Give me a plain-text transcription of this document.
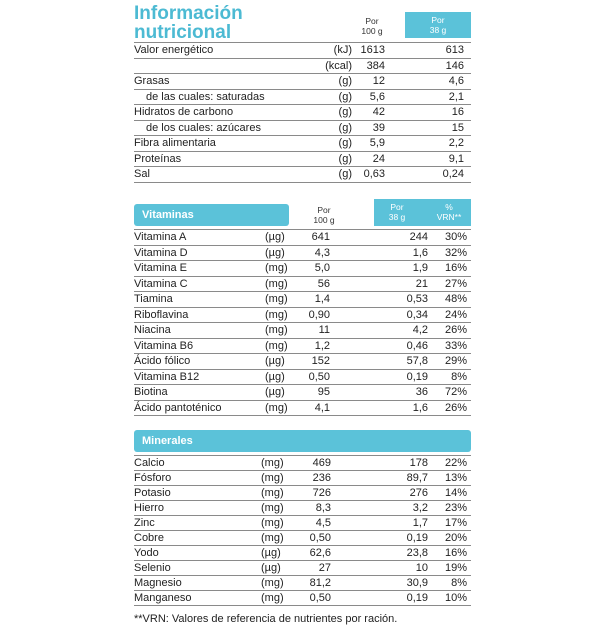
Información
nutricional
Por
100 g
Por
38 g
Valor energético	(kJ) 1613	613
(kcal)	384	146
Grasas	(g)	12	4,6
de las cuales: saturadas	(g)	5,6	2,1
Hidratos de carbono	(g)	42	16
de los cuales: azúcares	(g)	39	15
Fibra alimentaria	(g)	5,9	2,2
Proteínas	(g)	24	9,1
Sal	(g)	0,63	0,24
Vitaminas	Por
100 g
Por
38 g
%
VRN**
Vitamina A	(µg)	641	244	30%
Vitamina D	(µg)	4,3	1,6	32%
Vitamina E	(mg)	5,0	1,9	16%
Vitamina C	(mg)	56	21	27%
Tiamina	(mg)	1,4	0,53	48%
Riboflavina	(mg)	0,90	0,34	24%
Niacina	(mg)	11	4,2	26%
Vitamina B6	(mg)	1,2	0,46	33%
Ácido fólico	(µg)	152	57,8	29%
Vitamina B12	(µg)	0,50	0,19	8%
Biotina	(µg)	95	36	72%
Ácido pantoténico	(mg)	4,1	1,6	26%
Minerales
Calcio	(mg)	469	178	22%
Fósforo	(mg)	236	89,7	13%
Potasio	(mg)	726	276	14%
Hierro	(mg)	8,3	3,2	23%
Zinc	(mg)	4,5	1,7	17%
Cobre	(mg)	0,50	0,19	20%
Yodo	(µg)	62,6	23,8	16%
Selenio	(µg)	27	10	19%
Magnesio	(mg)	81,2	30,9	8%
Manganeso	(mg)	0,50	0,19	10%
**VRN: Valores de referencia de nutrientes por ración.
